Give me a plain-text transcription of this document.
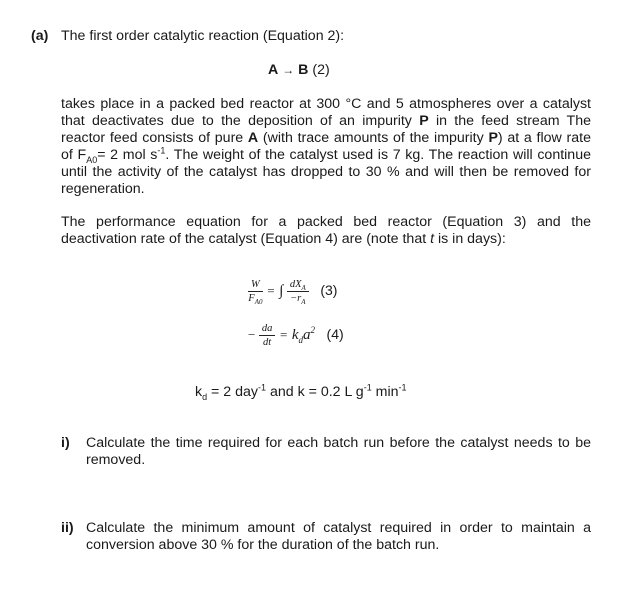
(a) The first order catalytic reaction (Equation 2):
A → B (2)
takes place in a packed bed reactor at 300 °C and 5 atmospheres over a catalyst that deactivates due to the deposition of an impurity P in the feed stream The reactor feed consists of pure A (with trace amounts of the impurity P) at a flow rate of $F_{A0}= 2$ mol $s^{-1}$. The weight of the catalyst used is 7 kg. The reaction will continue until the activity of the catalyst has dropped to 30 % and will then be removed for regeneration.
The performance equation for a packed bed reactor (Equation 3) and the deactivation rate of the catalyst (Equation 4) are (note that t is in days):
$\frac{W}{F_{A0}}$ = ∫ $\frac{dX_A}{-r_A} (3)$
− $\frac{da}{dt} = k_da^2$ (4)
$k_d = 2$ day$^{-1}$ and k = 0.2 L $g^{-1}$ $\min^{-1}$
i) Calculate the time required for each batch run before the catalyst needs to be removed.
ii) Calculate the minimum amount of catalyst required in order to maintain a conversion above 30 % for the duration of the batch run.
